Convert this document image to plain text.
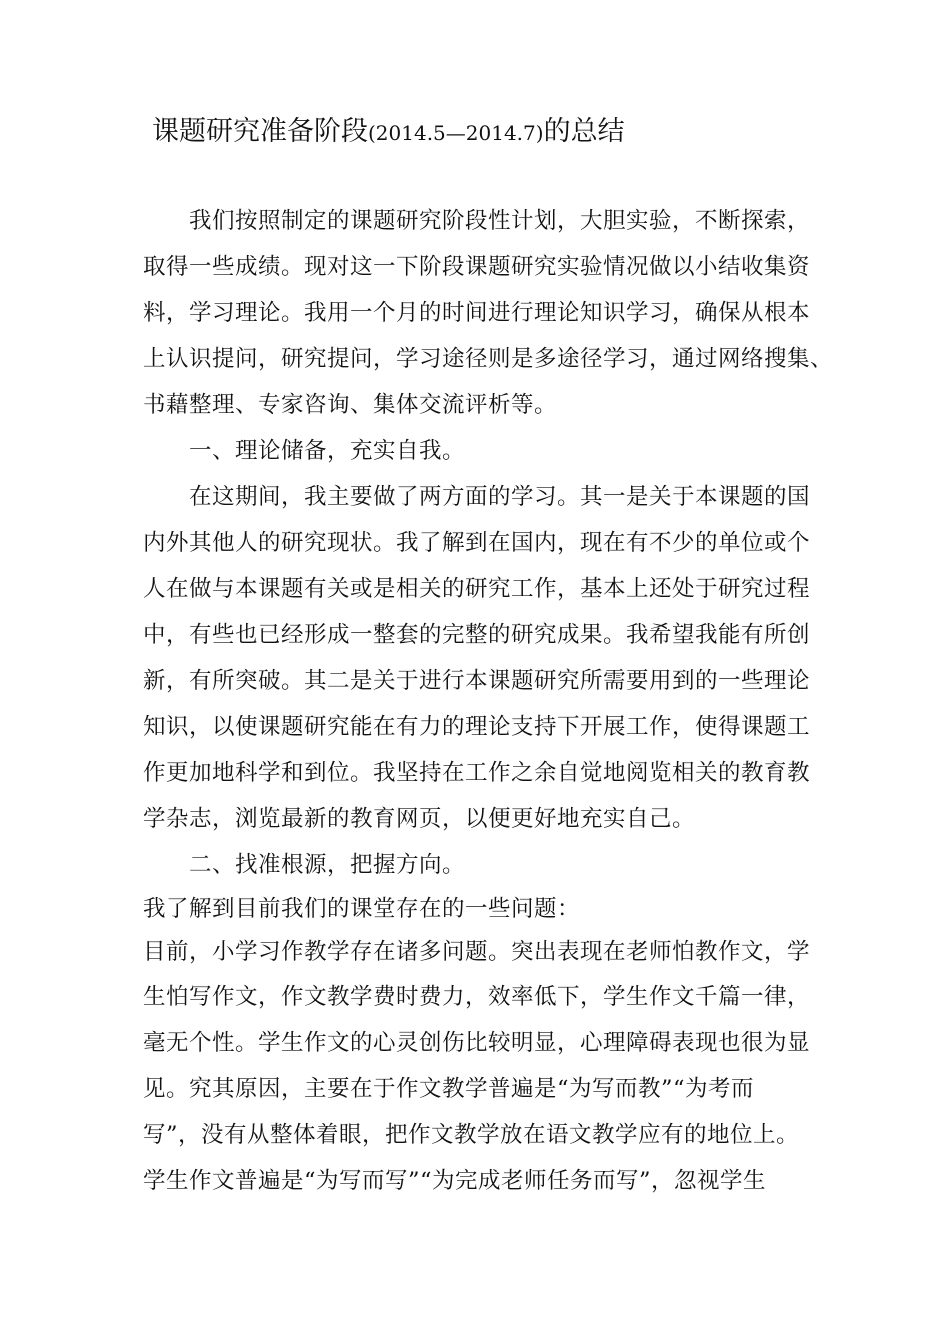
课题研究准备阶段(2014.5—2014.7)的总结
我们按照制定的课题研究阶段性计划，大胆实验，不断探索，
取得一些成绩。现对这一下阶段课题研究实验情况做以小结收集资
料，学习理论。我用一个月的时间进行理论知识学习，确保从根本
上认识提问，研究提问，学习途径则是多途径学习，通过网络搜集、
书藉整理、专家咨询、集体交流评析等。
一、理论储备，充实自我。
在这期间，我主要做了两方面的学习。其一是关于本课题的国
内外其他人的研究现状。我了解到在国内，现在有不少的单位或个
人在做与本课题有关或是相关的研究工作，基本上还处于研究过程
中，有些也已经形成一整套的完整的研究成果。我希望我能有所创
新，有所突破。其二是关于进行本课题研究所需要用到的一些理论
知识，以使课题研究能在有力的理论支持下开展工作，使得课题工
作更加地科学和到位。我坚持在工作之余自觉地阅览相关的教育教
学杂志，浏览最新的教育网页，以便更好地充实自己。
二、找准根源，把握方向。
我了解到目前我们的课堂存在的一些问题：
目前，小学习作教学存在诸多问题。突出表现在老师怕教作文，学
生怕写作文，作文教学费时费力，效率低下，学生作文千篇一律，
毫无个性。学生作文的心灵创伤比较明显，心理障碍表现也很为显
见。究其原因，主要在于作文教学普遍是“为写而教”“为考而
写”，没有从整体着眼，把作文教学放在语文教学应有的地位上。
学生作文普遍是“为写而写”“为完成老师任务而写”，忽视学生
